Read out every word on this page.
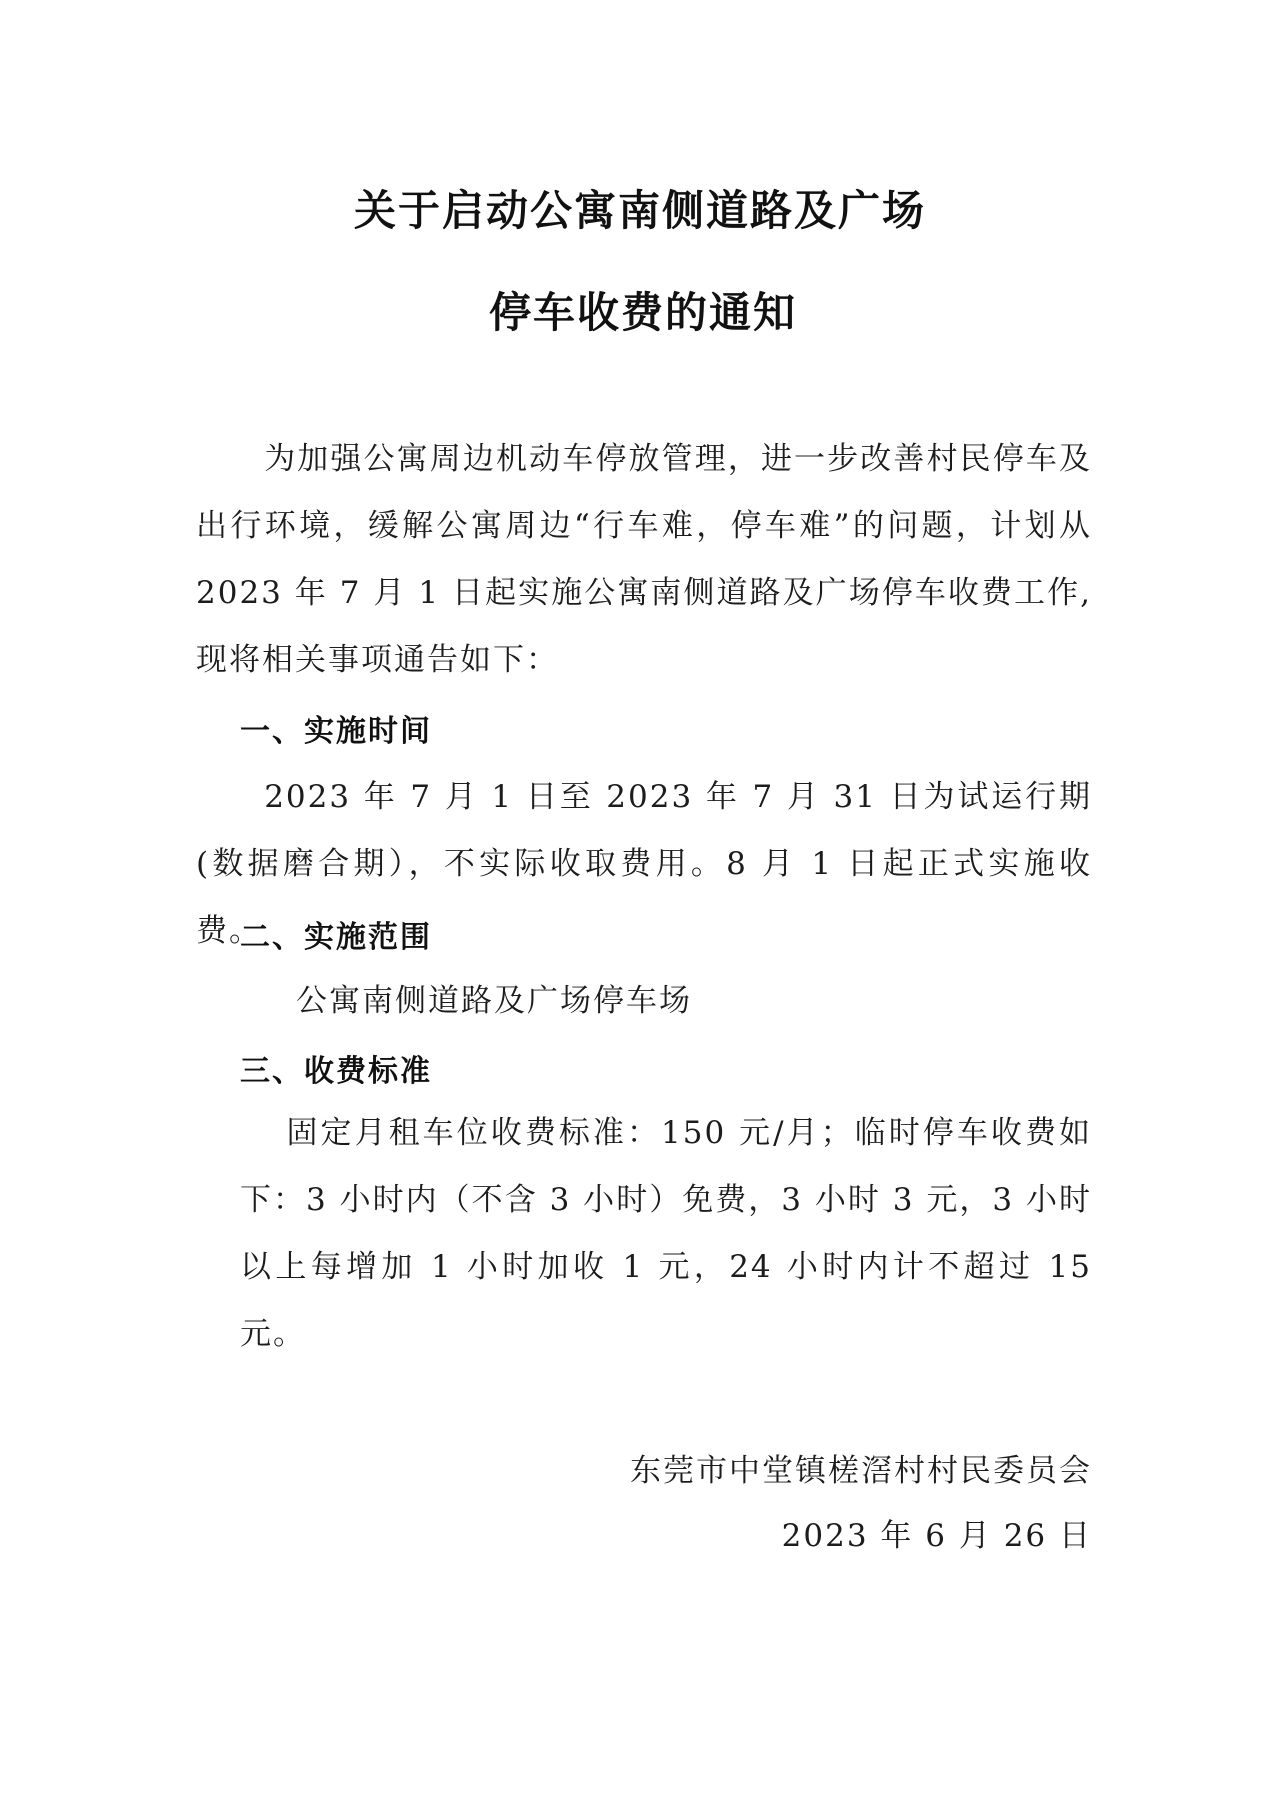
关于启动公寓南侧道路及广场
停车收费的通知

为加强公寓周边机动车停放管理，进一步改善村民停车及出行环境，缓解公寓周边“行车难，停车难”的问题，计划从2023 年 7 月 1 日起实施公寓南侧道路及广场停车收费工作,现将相关事项通告如下：

一、实施时间

2023 年 7 月 1 日至 2023 年 7 月 31 日为试运行期(数据磨合期），不实际收取费用。8 月 1 日起正式实施收费。

二、实施范围

公寓南侧道路及广场停车场

三、收费标准

固定月租车位收费标准：150 元/月；临时停车收费如下：3 小时内（不含 3 小时）免费，3 小时 3 元，3 小时以上每增加 1 小时加收 1 元，24 小时内计不超过 15 元。

东莞市中堂镇槎滘村村民委员会

2023 年 6 月 26 日
